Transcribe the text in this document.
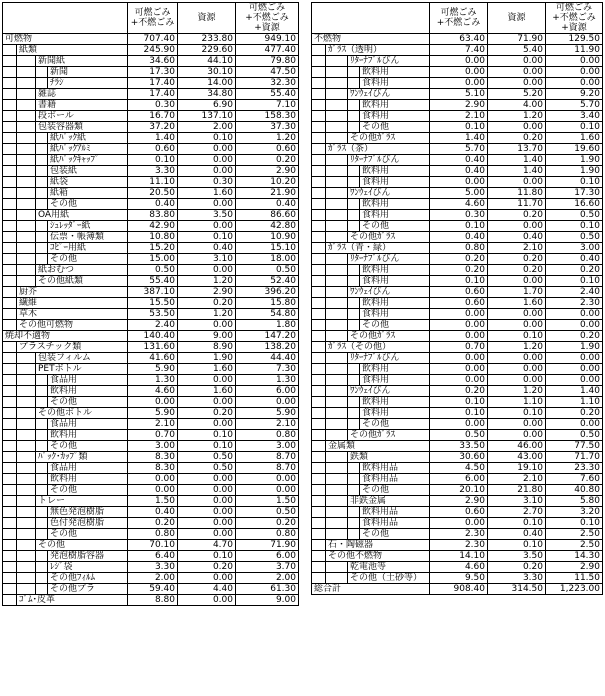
				可燃ごみ
+不燃ごみ	資源	可燃ごみ
+不燃ごみ
+資源
可燃物				707.40	233.80	949.10
	紙類			245.90	229.60	477.40
		新聞紙		34.60	44.10	79.80
			新聞	17.30	30.10	47.50
			ﾁﾗｼ	17.40	14.00	32.30
		雑誌		17.40	34.80	55.40
		書籍		0.30	6.90	7.10
		段ボール		16.70	137.10	158.30
		包装容器類		37.20	2.00	37.30
			紙ﾊﾟｯｸ紙	1.40	0.10	1.20
			紙ﾊﾟｯｸｱﾙﾐ	0.60	0.00	0.60
			紙ﾊﾟｯｸｷｬｯﾌﾟ	0.10	0.00	0.20
			包装紙	3.30	0.00	2.90
			紙袋	11.10	0.30	10.20
			紙箱	20.50	1.60	21.90
			その他	0.40	0.00	0.40
		OA用紙		83.80	3.50	86.60
			ｼｭﾚｯﾀﾞｰ紙	42.90	0.00	42.80
			伝票・帳簿類	10.80	0.10	10.90
			ｺﾋﾟｰ用紙	15.20	0.40	15.10
			その他	15.00	3.10	18.00
		紙おむつ		0.50	0.00	0.50
		その他紙類		55.40	1.20	52.40
	厨芥			387.10	2.90	396.20
	繊維			15.50	0.20	15.80
	草木			53.50	1.20	54.80
	その他可燃物			2.40	0.00	1.80
焼却不適物				140.40	9.00	147.20
	プラスチック類			131.60	8.90	138.20
		包装フィルム		41.60	1.90	44.40
		PETボトル		5.90	1.60	7.30
			食品用	1.30	0.00	1.30
			飲料用	4.60	1.60	6.00
			その他	0.00	0.00	0.00
		その他ボトル		5.90	0.20	5.90
			食品用	2.10	0.00	2.10
			飲料用	0.70	0.10	0.80
			その他	3.00	0.10	3.00
		ﾊﾟｯｸ･ｶｯﾌﾟ類		8.30	0.50	8.70
			食品用	8.30	0.50	8.70
			飲料用	0.00	0.00	0.00
			その他	0.00	0.00	0.00
		トレー		1.50	0.00	1.50
			無色発泡樹脂	0.40	0.00	0.50
			色付発泡樹脂	0.20	0.00	0.20
			その他	0.80	0.00	0.80
		その他		70.10	4.70	71.90
			発泡樹脂容器	6.40	0.10	6.00
			ﾚｼﾞ袋	3.30	0.20	3.70
			その他ﾌｨﾙﾑ	2.00	0.00	2.00
			その他プラ	59.40	4.40	61.30
	ｺﾞﾑ･皮革			8.80	0.00	9.00
				可燃ごみ
+不燃ごみ	資源	可燃ごみ
+不燃ごみ
+資源
不燃物				63.40	71.90	129.50
	ｶﾞﾗｽ（透明）			7.40	5.40	11.90
		ﾘﾀｰﾅﾌﾞﾙびん		0.00	0.00	0.00
			飲料用	0.00	0.00	0.00
			食料用	0.00	0.00	0.00
		ﾜﾝｳｪｲびん		5.10	5.20	9.20
			飲料用	2.90	4.00	5.70
			食料用	2.10	1.20	3.40
			その他	0.10	0.00	0.10
		その他ｶﾞﾗｽ		1.40	0.20	1.60
	ｶﾞﾗｽ（茶）			5.70	13.70	19.60
		ﾘﾀｰﾅﾌﾞﾙびん		0.40	1.40	1.90
			飲料用	0.40	1.40	1.90
			食料用	0.00	0.00	0.10
		ﾜﾝｳｪｲびん		5.00	11.80	17.30
			飲料用	4.60	11.70	16.60
			食料用	0.30	0.20	0.50
			その他	0.10	0.00	0.10
		その他ｶﾞﾗｽ		0.40	0.40	0.50
	ｶﾞﾗｽ（青・緑）			0.80	2.10	3.00
		ﾘﾀｰﾅﾌﾞﾙびん		0.20	0.20	0.40
			飲料用	0.20	0.20	0.20
			食料用	0.10	0.00	0.10
		ﾜﾝｳｪｲびん		0.60	1.70	2.40
			飲料用	0.60	1.60	2.30
			食料用	0.00	0.00	0.00
			その他	0.00	0.00	0.00
		その他ｶﾞﾗｽ		0.00	0.10	0.20
	ｶﾞﾗｽ（その他）			0.70	1.20	1.90
		ﾘﾀｰﾅﾌﾞﾙびん		0.00	0.00	0.00
			飲料用	0.00	0.00	0.00
			食料用	0.00	0.00	0.00
		ﾜﾝｳｪｲびん		0.20	1.20	1.40
			飲料用	0.10	1.10	1.10
			食料用	0.10	0.10	0.20
			その他	0.00	0.00	0.00
		その他ｶﾞﾗｽ		0.50	0.00	0.50
	金属類			33.50	46.00	77.50
		鉄類		30.60	43.00	71.70
			飲料用品	4.50	19.10	23.30
			食料用品	6.00	2.10	7.60
			その他	20.10	21.80	40.80
		非鉄金属		2.90	3.10	5.80
			飲料用品	0.60	2.70	3.20
			食料用品	0.00	0.10	0.10
			その他	2.30	0.40	2.50
	石・陶磁器			2.30	0.10	2.50
	その他不燃物			14.10	3.50	14.30
		乾電池等		4.60	0.20	2.90
		その他（土砂等）		9.50	3.30	11.50
総合計				908.40	314.50	1,223.00
